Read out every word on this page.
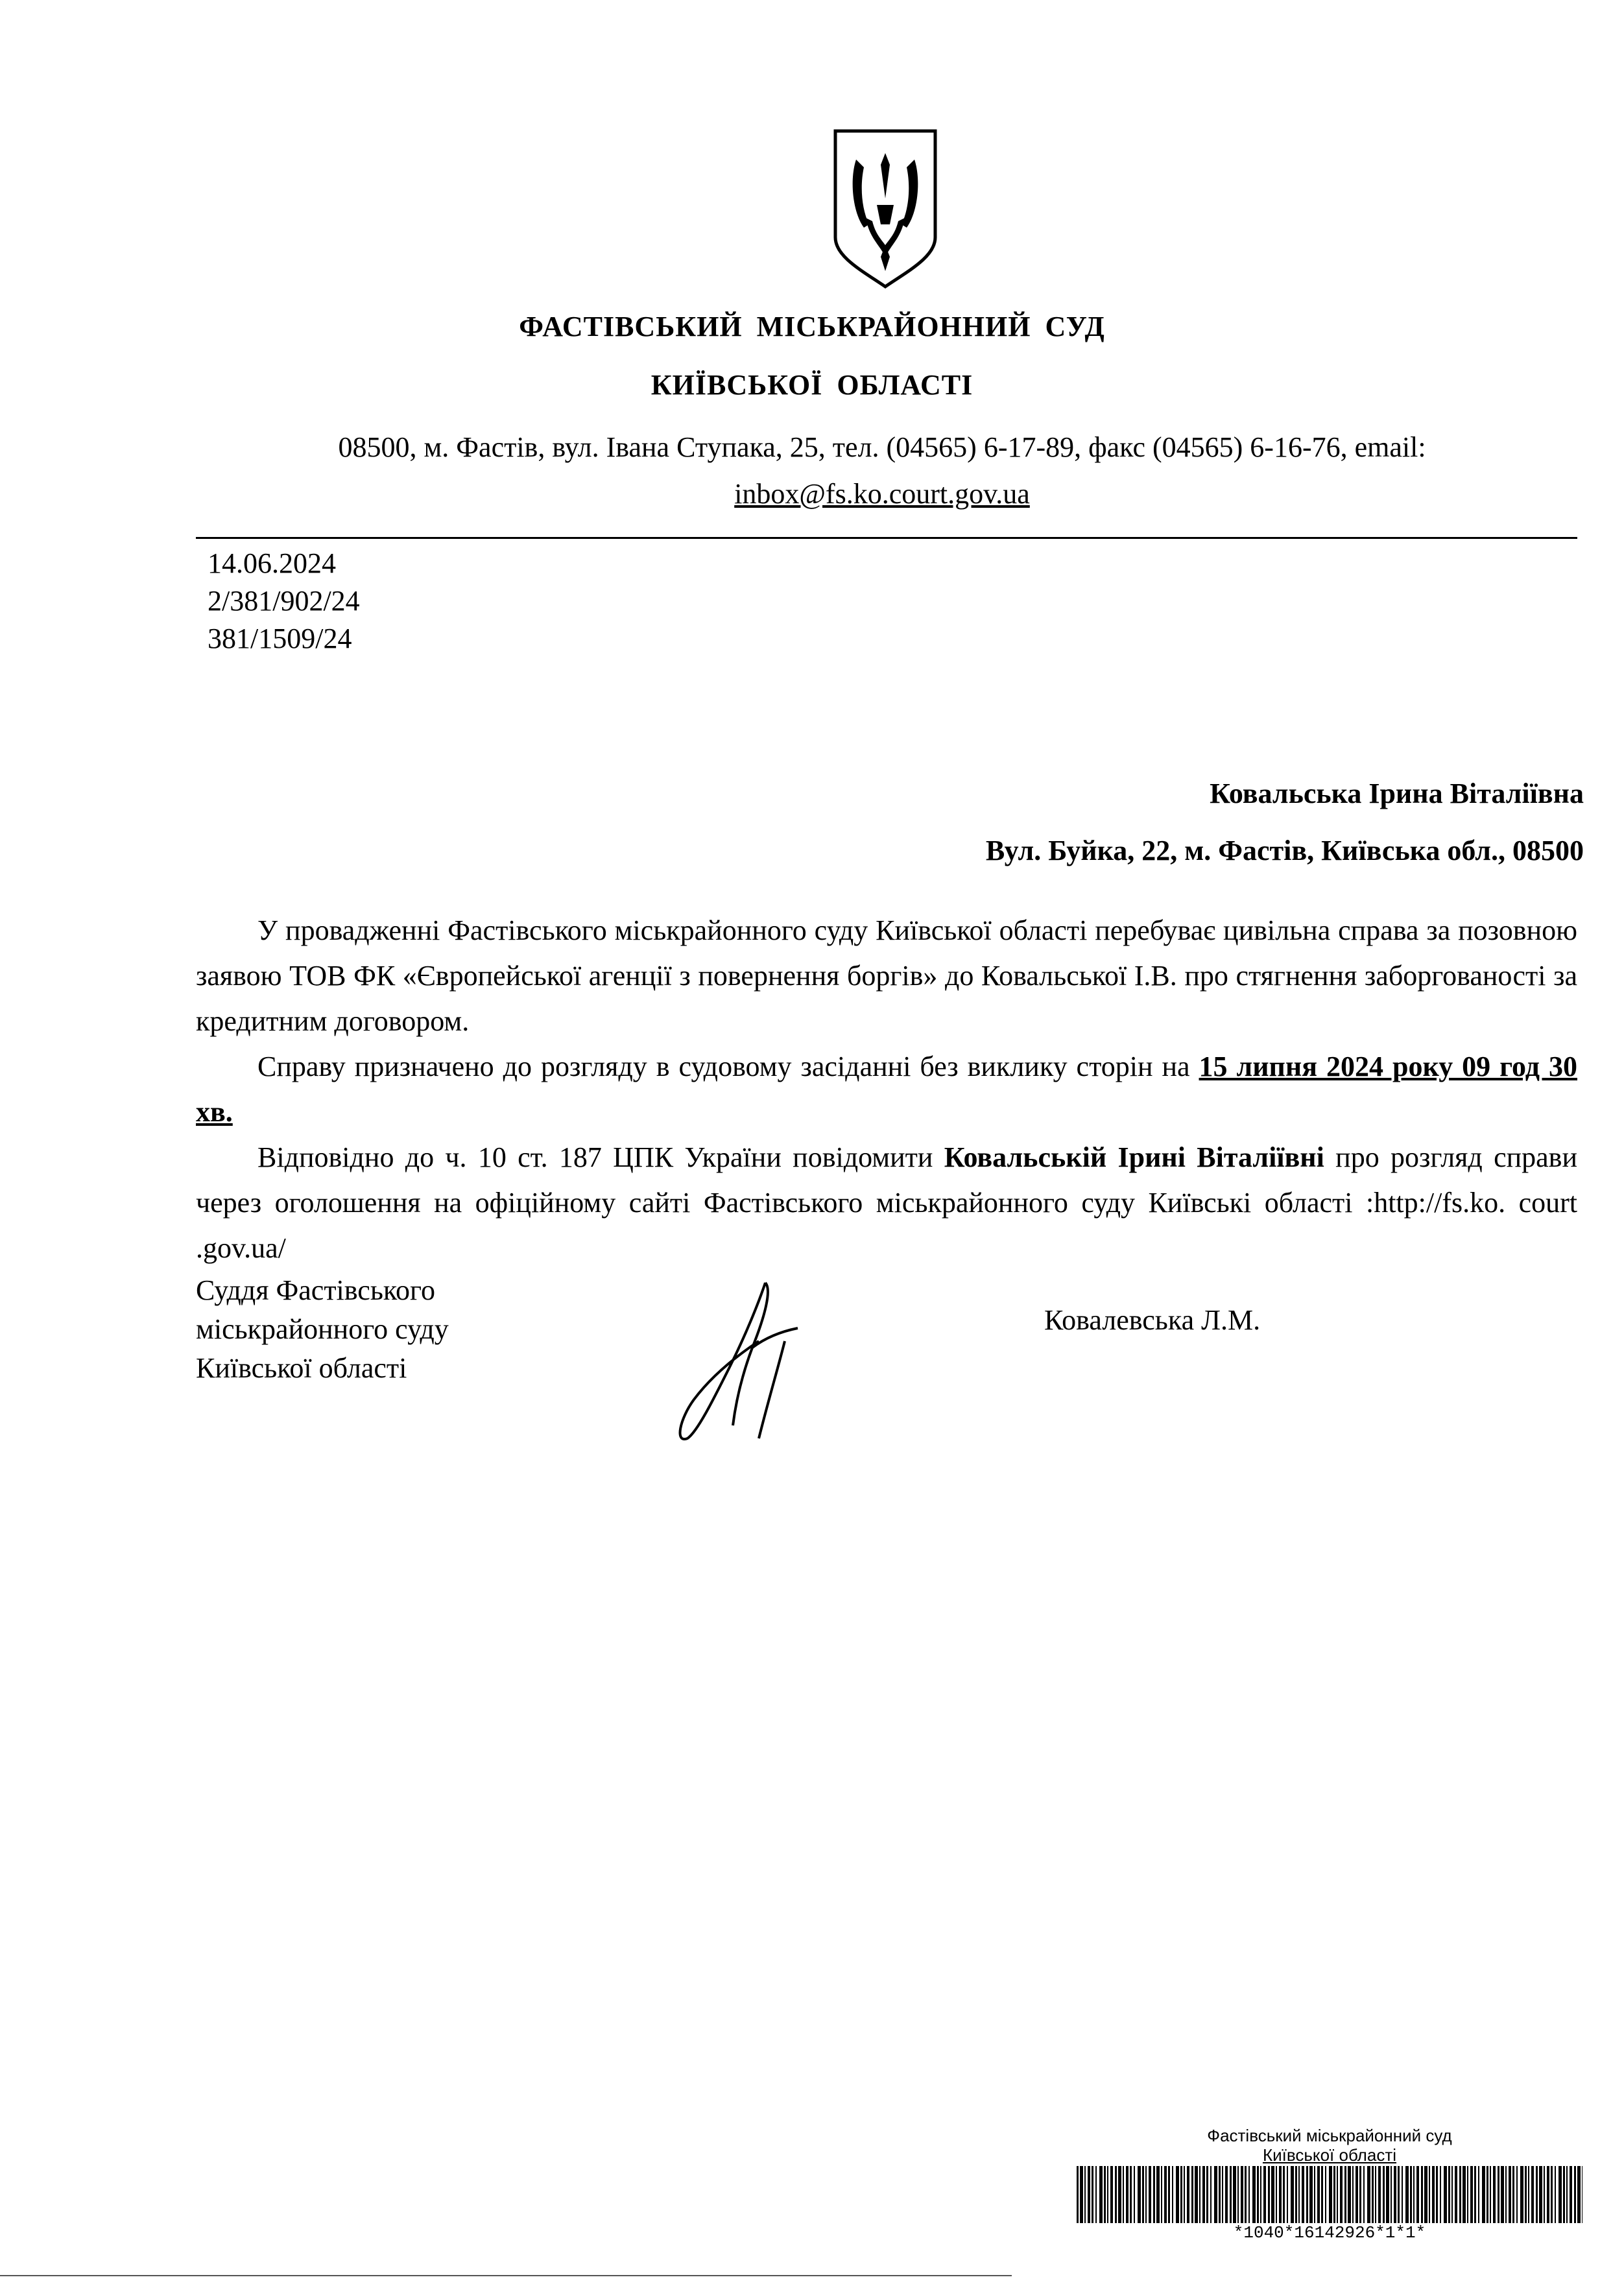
ФАСТІВСЬКИЙ МІСЬКРАЙОННИЙ СУД
КИЇВСЬКОЇ ОБЛАСТІ
08500, м. Фастів, вул. Івана Ступака, 25, тел. (04565) 6-17-89, факс (04565) 6-16-76, email:
inbox@fs.ko.court.gov.ua
14.06.2024
2/381/902/24
381/1509/24
Ковальська Ірина Віталіївна
Вул. Буйка, 22, м. Фастів, Київська обл., 08500

У провадженні Фастівського міськрайонного суду Київської області перебуває цивільна справа за позовною заявою ТОВ ФК «Європейської агенції з повернення боргів» до Ковальської І.В. про стягнення заборгованості за кредитним договором.

Справу призначено до розгляду в судовому засіданні без виклику сторін на 15 липня 2024 року 09 год 30 хв.

Відповідно до ч. 10 ст. 187 ЦПК України повідомити Ковальській Ірині Віталіївні про розгляд справи через оголошення на офіційному сайті Фастівського міськрайонного суду Київські області :http://fs.ko. court .gov.ua/

Суддя Фастівського
міськрайонного суду
Київської області
Ковалевська Л.М.
Фастівський міськрайонний суд
Київської області
*1040*16142926*1*1*
